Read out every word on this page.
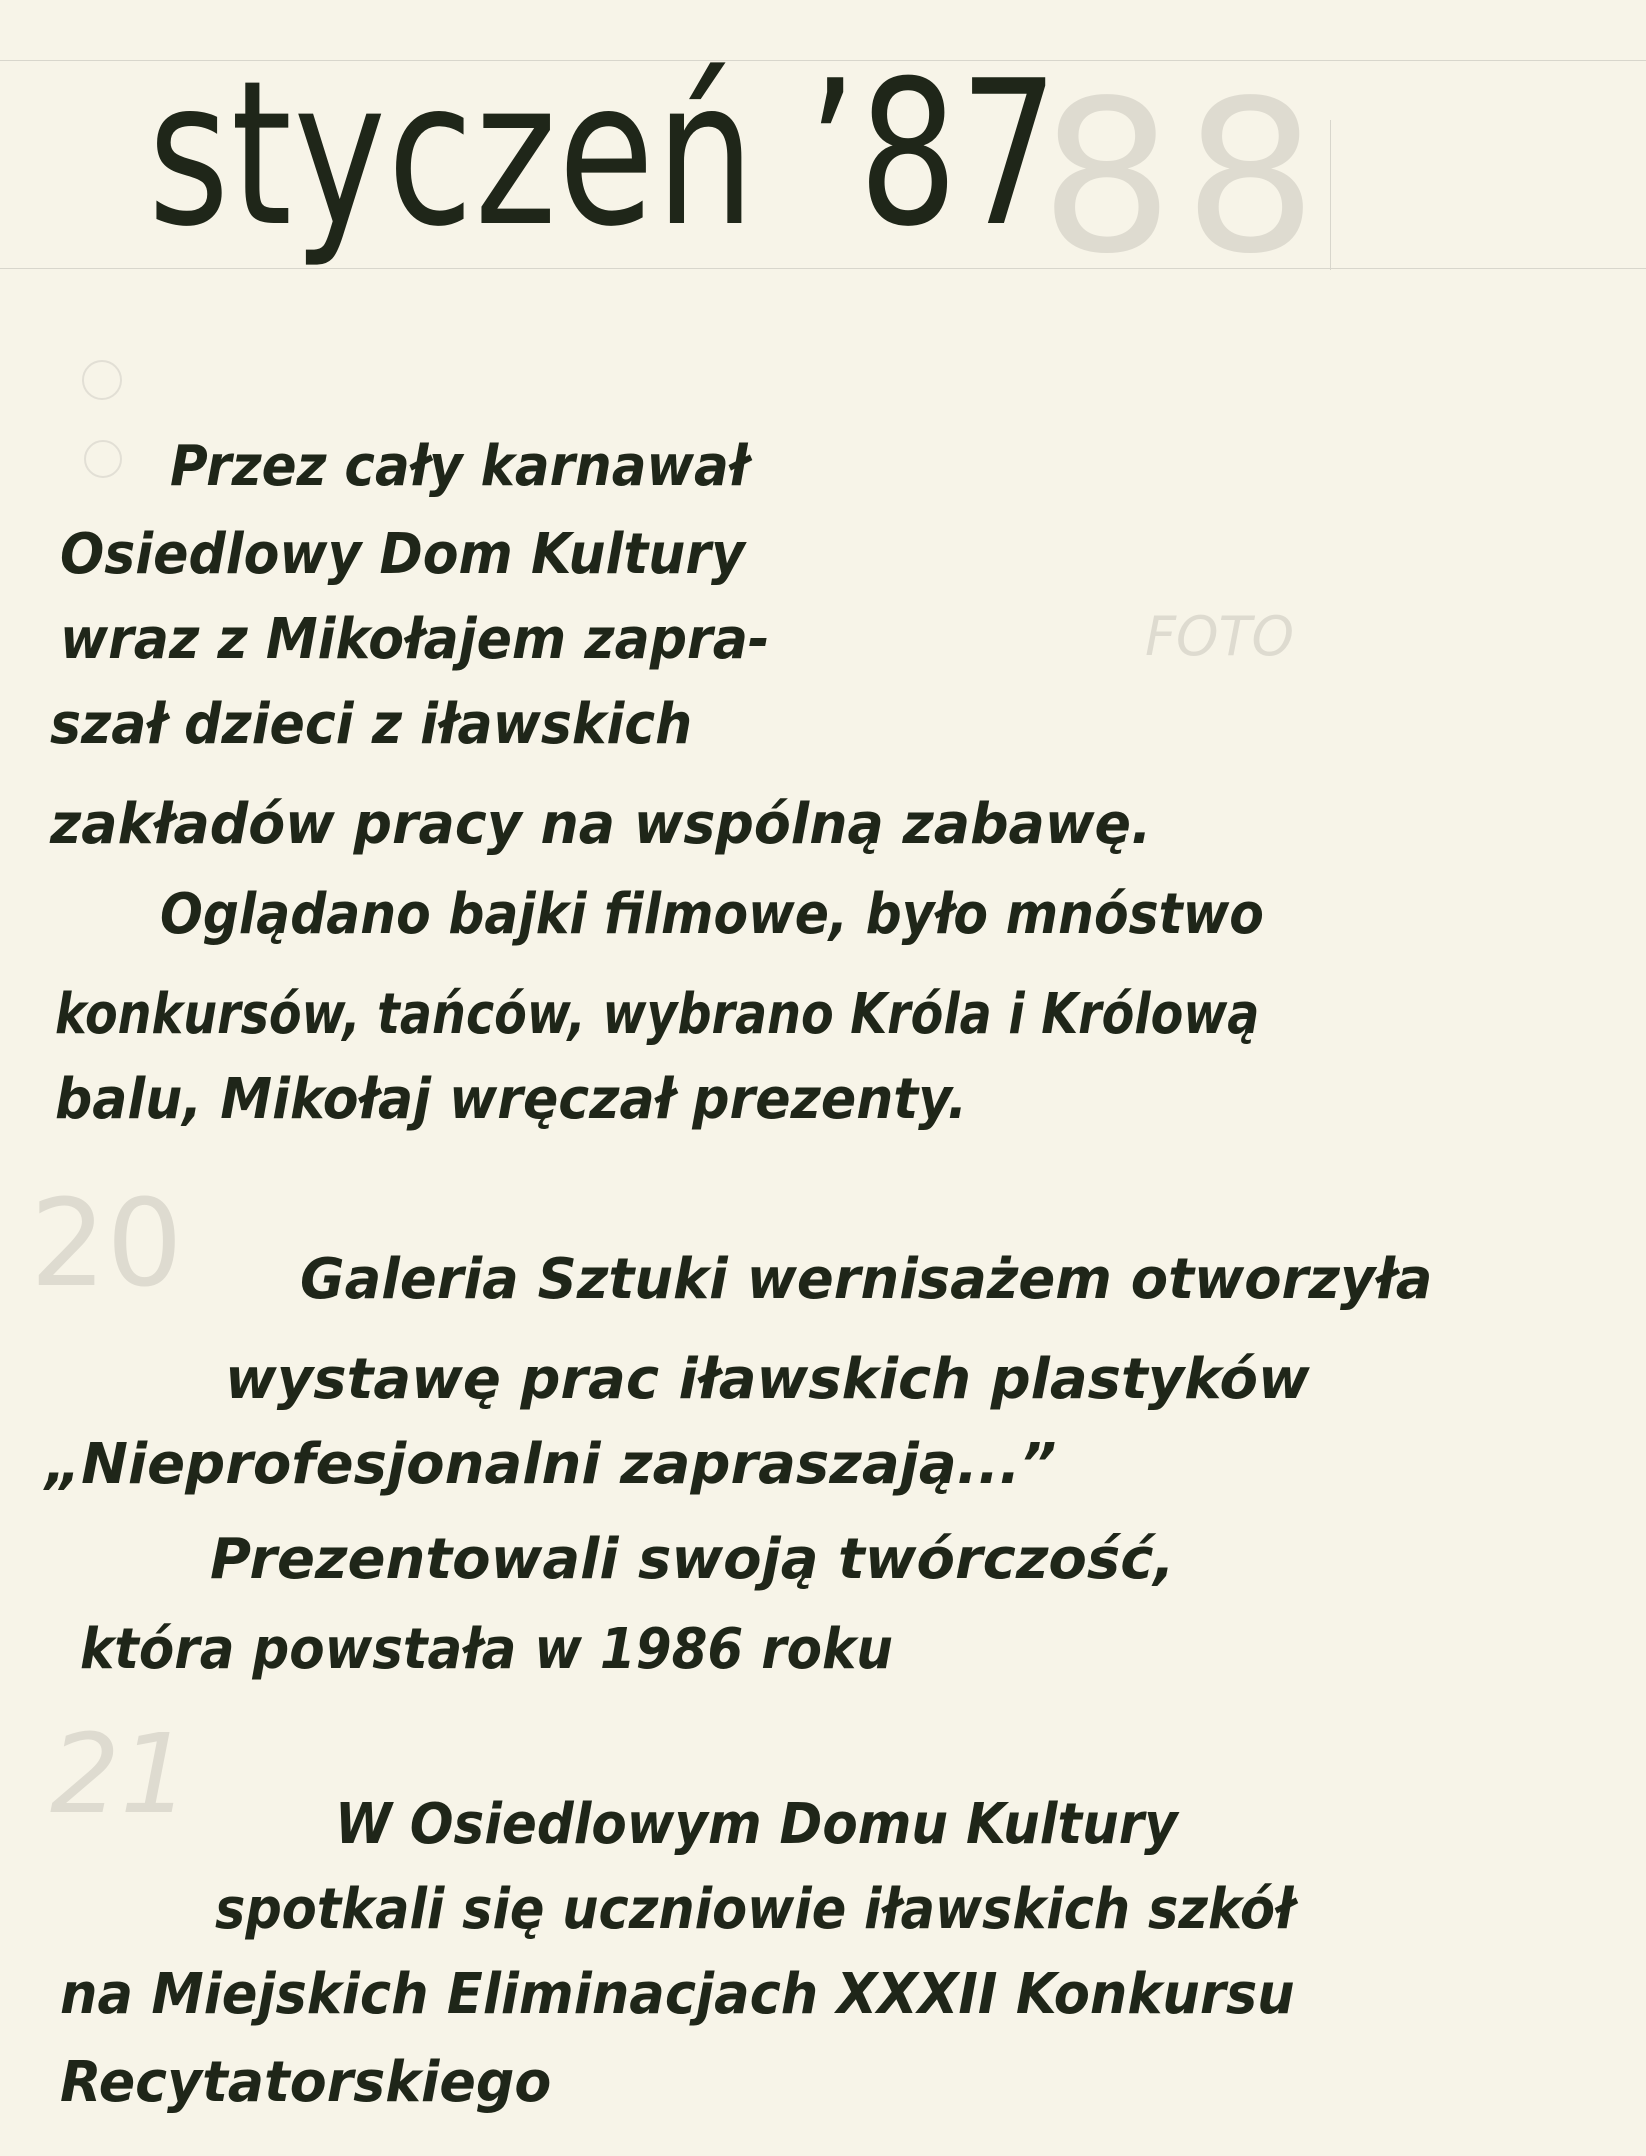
88
FOTO
20
21
styczeń ’87
Przez cały karnawał
Osiedlowy Dom Kultury
wraz z Mikołajem zapra-
szał dzieci z iławskich
zakładów pracy na wspólną zabawę.
Oglądano bajki filmowe, było mnóstwo
konkursów, tańców, wybrano Króla i Królową
balu, Mikołaj wręczał prezenty.
Galeria Sztuki wernisażem otworzyła
wystawę prac iławskich plastyków
„Nieprofesjonalni zapraszają...”
Prezentowali swoją twórczość,
która powstała w 1986 roku
W Osiedlowym Domu Kultury
spotkali się uczniowie iławskich szkół
na Miejskich Eliminacjach XXXII Konkursu
Recytatorskiego
